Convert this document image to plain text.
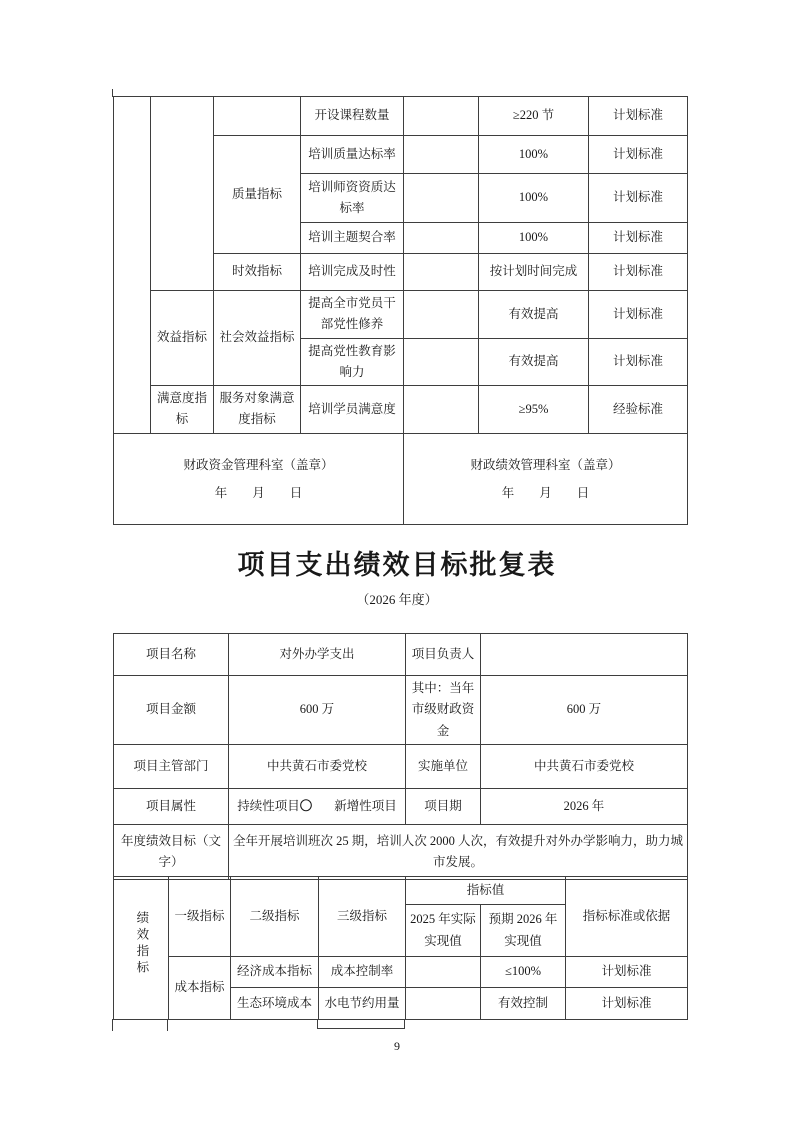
			开设课程数量		≥220 节	计划标准
		质量指标	培训质量达标率		100%	计划标准
			培训师资资质达标率		100%	计划标准
			培训主题契合率		100%	计划标准
		时效指标	培训完成及时性		按计划时间完成	计划标准
	效益指标	社会效益指标	提高全市党员干部党性修养		有效提高	计划标准
			提高党性教育影响力		有效提高	计划标准
	满意度指标	服务对象满意度指标	培训学员满意度		≥95%	经验标准

财政资金管理科室（盖章）
年　　月　　日

财政绩效管理科室（盖章）
年　　月　　日
项目支出绩效目标批复表
（2026 年度）
项目名称	对外办学支出	项目负责人	
项目金额	600 万	其中：当年市级财政资金	600 万
项目主管部门	中共黄石市委党校	实施单位	中共黄石市委党校
项目属性	持续性项目〇 新增性项目	项目期	2026 年
年度绩效目标（文字）	全年开展培训班次 25 期，培训人次 2000 人次，有效提升对外办学影响力，助力城市发展。		
绩效指标	一级指标	二级指标	三级指标	指标值		指标标准或依据
				2025 年实际实现值	预期 2026 年实现值	
	成本指标	经济成本指标	成本控制率		≤100%	计划标准
		生态环境成本	水电节约用量		有效控制	计划标准
9
